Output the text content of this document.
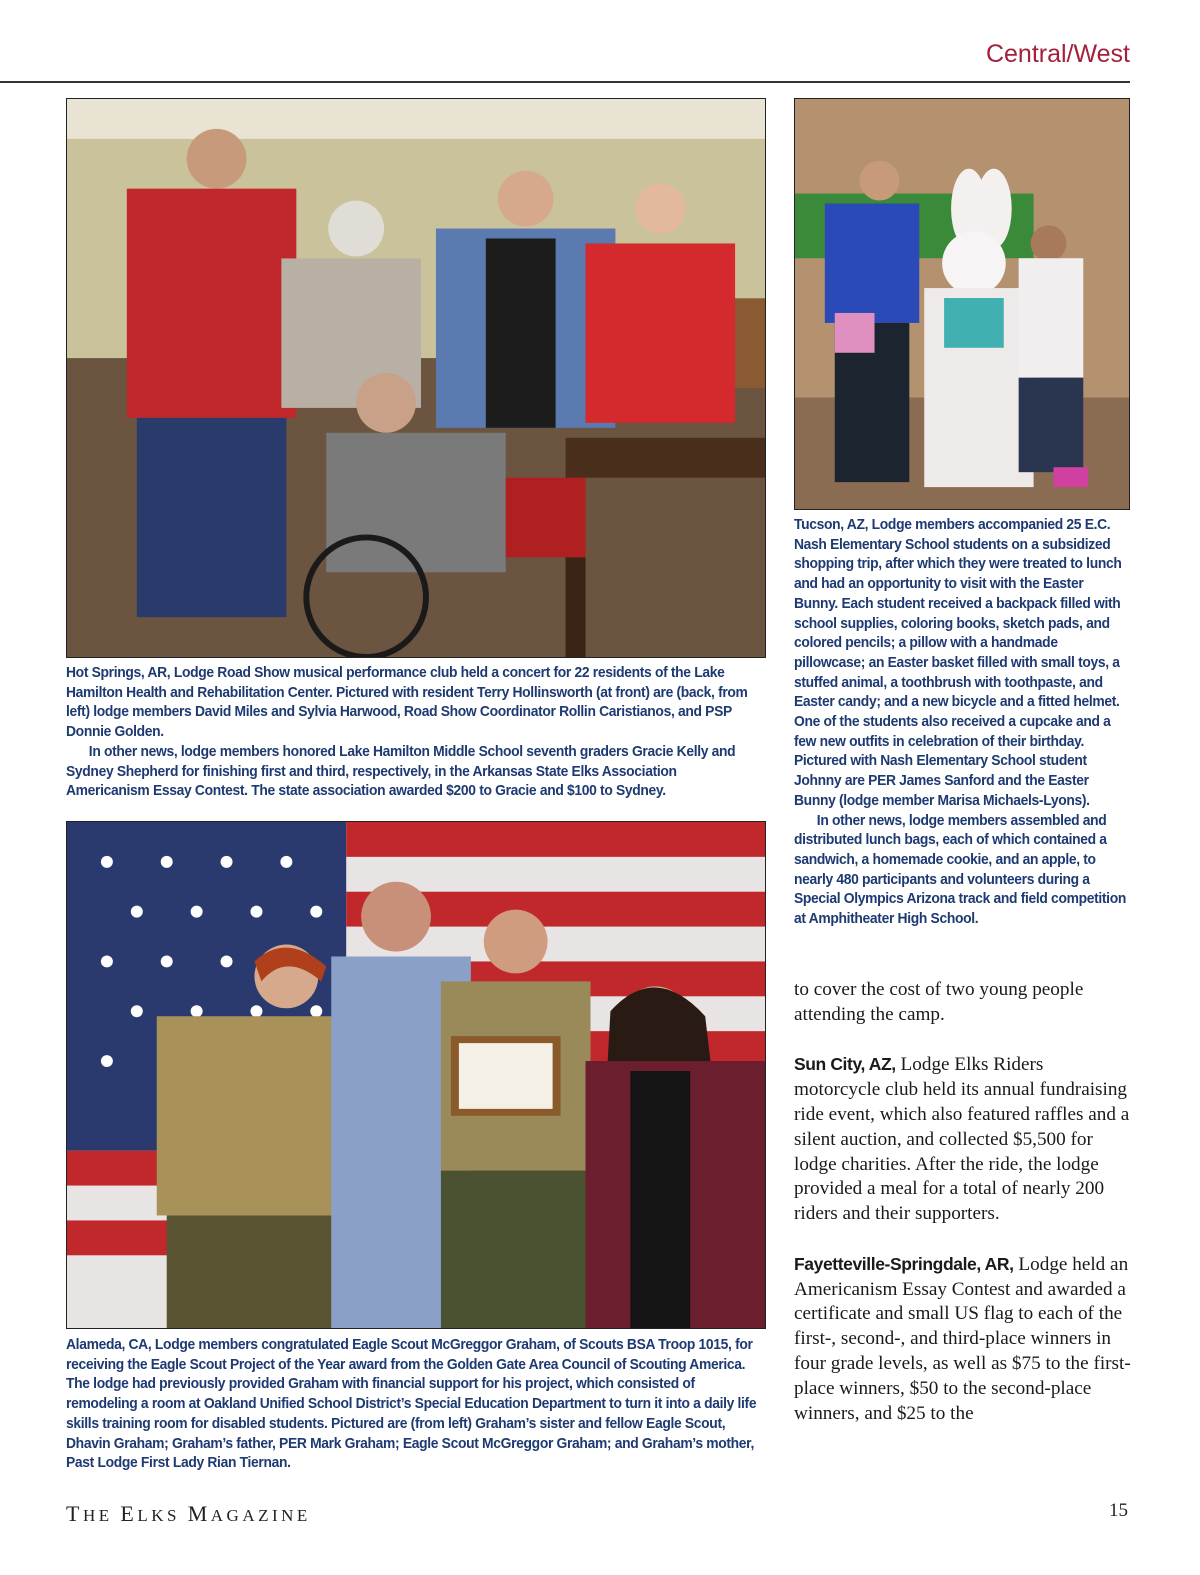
Central/West

Hot Springs, AR, Lodge Road Show musical performance club held a concert for 22 residents of the Lake Hamilton Health and Rehabilitation Center. Pictured with resident Terry Hollinsworth (at front) are (back, from left) lodge members David Miles and Sylvia Harwood, Road Show Coordinator Rollin Caristianos, and PSP Donnie Golden.

In other news, lodge members honored Lake Hamilton Middle School seventh graders Gracie Kelly and Sydney Shepherd for finishing first and third, respectively, in the Arkansas State Elks Association Americanism Essay Contest. The state association awarded $200 to Gracie and $100 to Sydney.

Tucson, AZ, Lodge members accompanied 25 E.C. Nash Elementary School students on a subsidized shopping trip, after which they were treated to lunch and had an opportunity to visit with the Easter Bunny. Each student received a backpack filled with school supplies, coloring books, sketch pads, and colored pencils; a pillow with a handmade pillowcase; an Easter basket filled with small toys, a stuffed animal, a toothbrush with toothpaste, and Easter candy; and a new bicycle and a fitted helmet. One of the students also received a cupcake and a few new outfits in celebration of their birthday. Pictured with Nash Elementary School student Johnny are PER James Sanford and the Easter Bunny (lodge member Marisa Michaels-Lyons).

In other news, lodge members assembled and distributed lunch bags, each of which contained a sandwich, a homemade cookie, and an apple, to nearly 480 participants and volunteers during a Special Olympics Arizona track and field competition at Amphitheater High School.

Alameda, CA, Lodge members congratulated Eagle Scout McGreggor Graham, of Scouts BSA Troop 1015, for receiving the Eagle Scout Project of the Year award from the Golden Gate Area Council of Scouting America. The lodge had previously provided Graham with financial support for his project, which consisted of remodeling a room at Oakland Unified School District’s Special Education Department to turn it into a daily life skills training room for disabled students. Pictured are (from left) Graham’s sister and fellow Eagle Scout, Dhavin Graham; Graham’s father, PER Mark Graham; Eagle Scout McGreggor Graham; and Graham’s mother, Past Lodge First Lady Rian Tiernan.

to cover the cost of two young people attending the camp.

Sun City, AZ, Lodge Elks Riders motorcycle club held its annual fundraising ride event, which also featured raffles and a silent auction, and collected $5,500 for lodge charities. After the ride, the lodge provided a meal for a total of nearly 200 riders and their supporters.

Fayetteville-Springdale, AR, Lodge held an Americanism Essay Contest and awarded a certificate and small US flag to each of the first-, second-, and third-place winners in four grade levels, as well as $75 to the first-place winners, $50 to the second-place winners, and $25 to the

THE ELKS MAGAZINE	15
